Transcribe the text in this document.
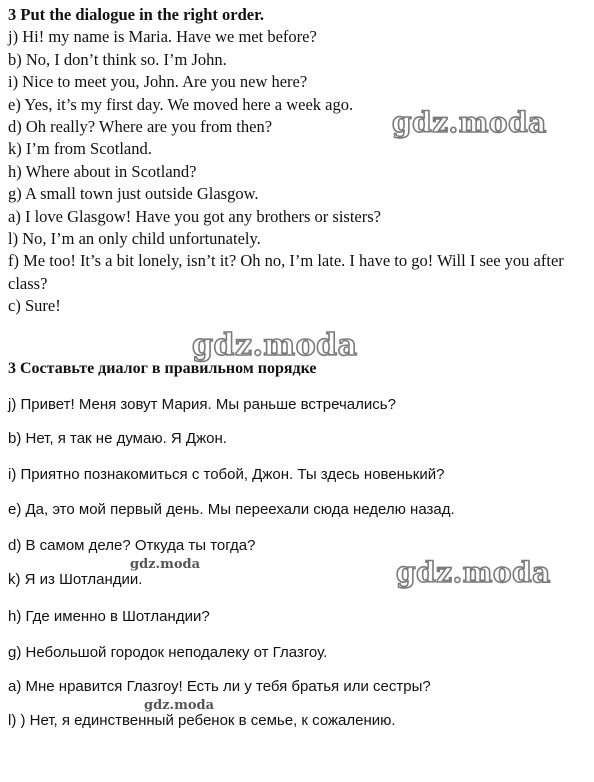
3 Put the dialogue in the right order.
j) Hi! my name is Maria. Have we met before?
b) No, I don’t think so. I’m John.
i) Nice to meet you, John. Are you new here?
e) Yes, it’s my first day. We moved here a week ago.
d) Oh really? Where are you from then?
k) I’m from Scotland.
h) Where about in Scotland?
g) A small town just outside Glasgow.
a) I love Glasgow! Have you got any brothers or sisters?
l) No, I’m an only child unfortunately.
f) Me too! It’s a bit lonely, isn’t it? Oh no, I’m late. I have to go! Will I see you after class?
c) Sure!
3 Составьте диалог в правильном порядке
j) Привет! Меня зовут Мария. Мы раньше встречались?
b) Нет, я так не думаю. Я Джон.
i) Приятно познакомиться с тобой, Джон. Ты здесь новенький?
e) Да, это мой первый день. Мы переехали сюда неделю назад.
d) В самом деле? Откуда ты тогда?
k) Я из Шотландии.
h) Где именно в Шотландии?
g) Небольшой городок неподалеку от Глазгоу.
a) Мне нравится Глазгоу! Есть ли у тебя братья или сестры?
l) ) Нет, я единственный ребенок в семье, к сожалению.
gdz.moda
gdz.moda
gdz.moda
gdz.moda
gdz.moda
